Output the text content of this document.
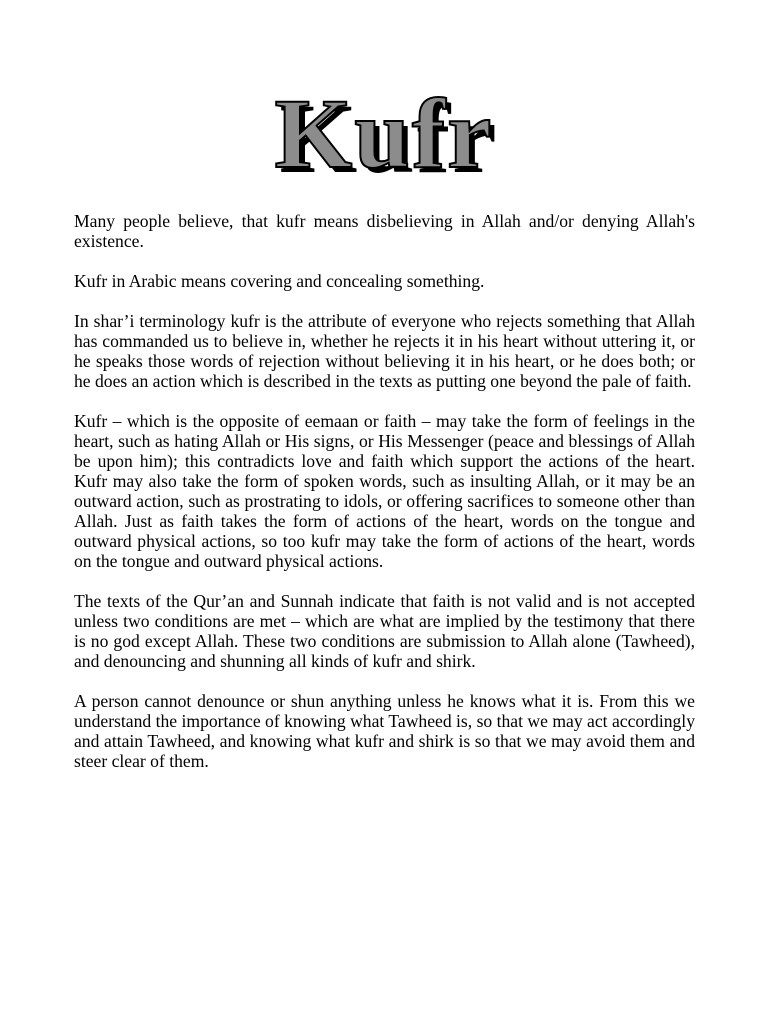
Kufr

Many people believe, that kufr means disbelieving in Allah and/or denying Allah's existence.

Kufr in Arabic means covering and concealing something.

In shar’i terminology kufr is the attribute of everyone who rejects something that Allah has commanded us to believe in, whether he rejects it in his heart without uttering it, or he speaks those words of rejection without believing it in his heart, or he does both; or he does an action which is described in the texts as putting one beyond the pale of faith.

Kufr – which is the opposite of eemaan or faith – may take the form of feelings in the heart, such as hating Allah or His signs, or His Messenger (peace and blessings of Allah be upon him); this contradicts love and faith which support the actions of the heart. Kufr may also take the form of spoken words, such as insulting Allah, or it may be an outward action, such as prostrating to idols, or offering sacrifices to someone other than Allah. Just as faith takes the form of actions of the heart, words on the tongue and outward physical actions, so too kufr may take the form of actions of the heart, words on the tongue and outward physical actions.

The texts of the Qur’an and Sunnah indicate that faith is not valid and is not accepted unless two conditions are met – which are what are implied by the testimony that there is no god except Allah. These two conditions are submission to Allah alone (Tawheed), and denouncing and shunning all kinds of kufr and shirk.

A person cannot denounce or shun anything unless he knows what it is. From this we understand the importance of knowing what Tawheed is, so that we may act accordingly and attain Tawheed, and knowing what kufr and shirk is so that we may avoid them and steer clear of them.
